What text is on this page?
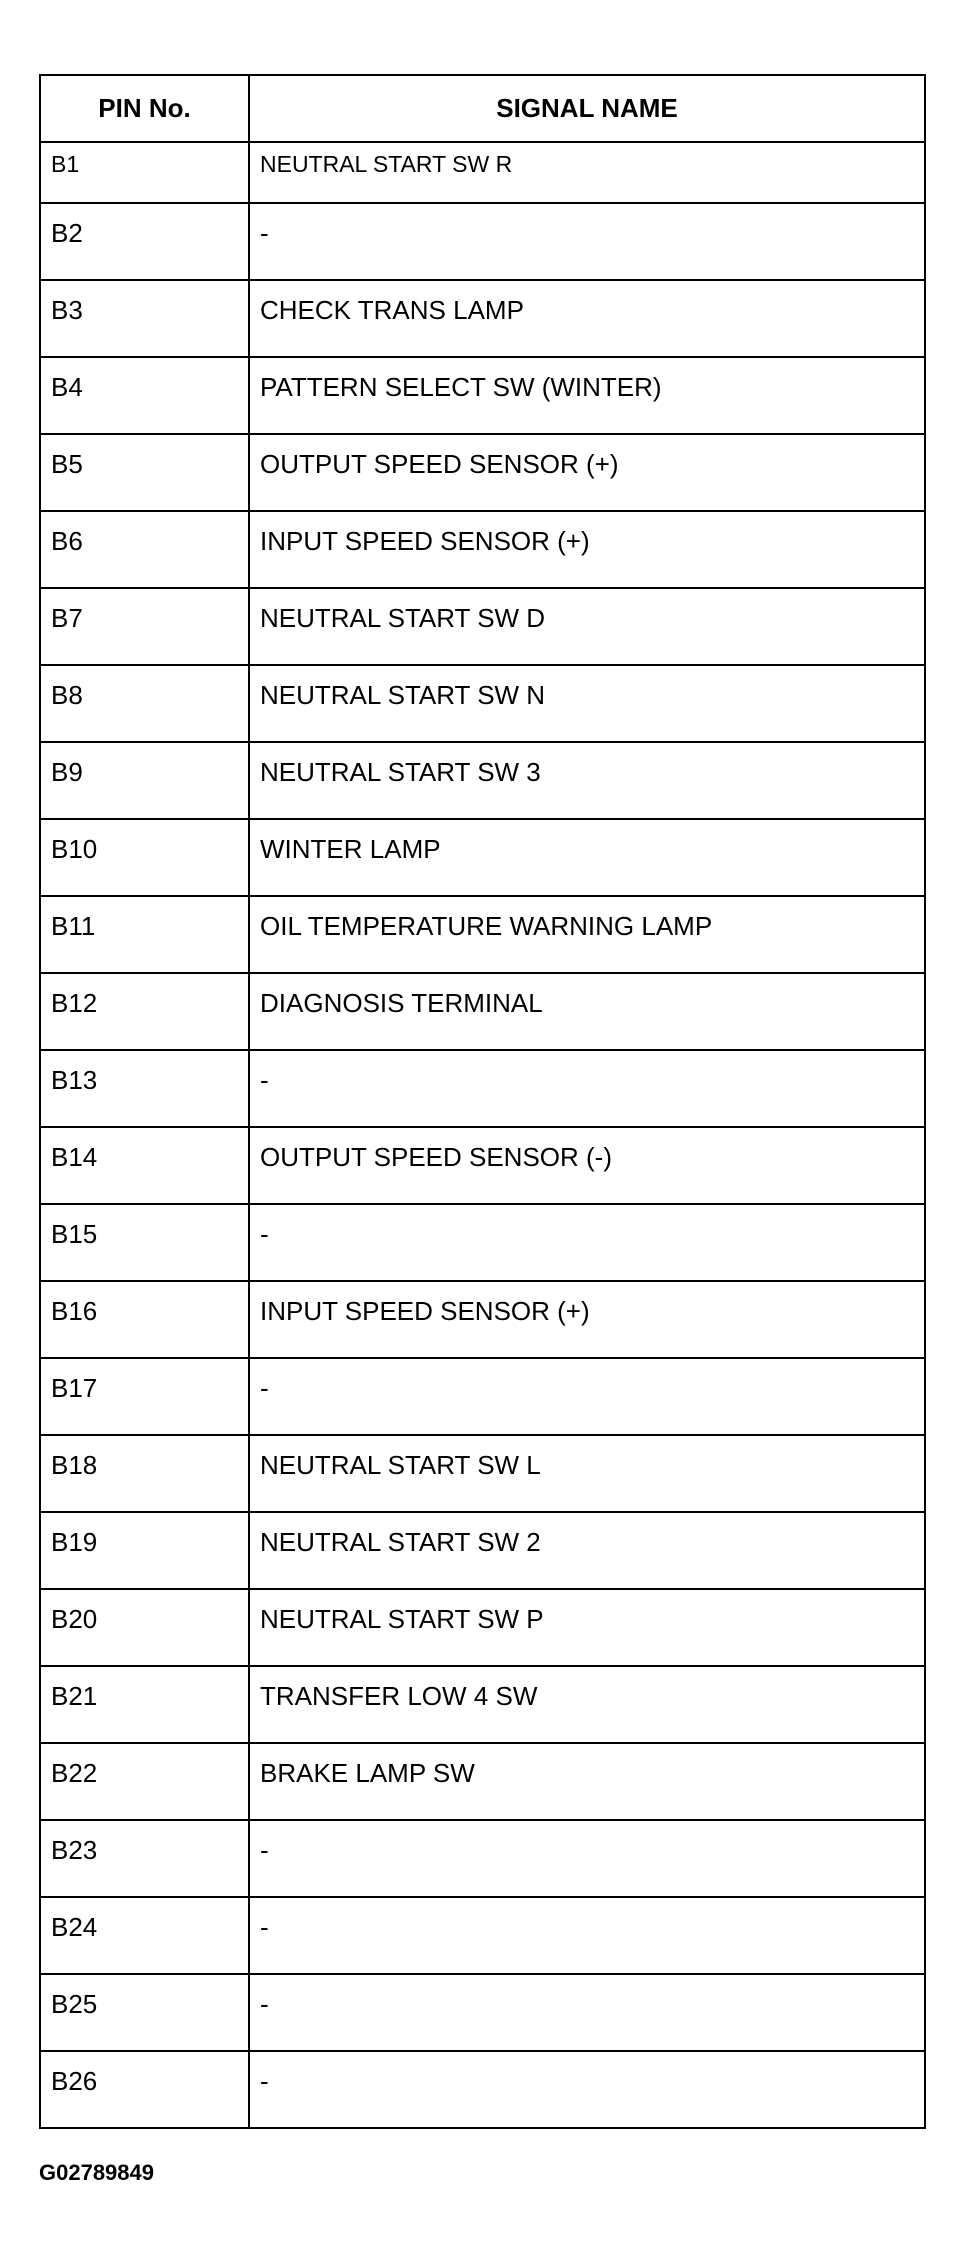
PIN No.	SIGNAL NAME

B1	NEUTRAL START SW R

B2	-

B3	CHECK TRANS LAMP

B4	PATTERN SELECT SW (WINTER)

B5	OUTPUT SPEED SENSOR (+)

B6	INPUT SPEED SENSOR (+)

B7	NEUTRAL START SW D

B8	NEUTRAL START SW N

B9	NEUTRAL START SW 3

B10	WINTER LAMP

B11	OIL TEMPERATURE WARNING LAMP

B12	DIAGNOSIS TERMINAL

B13	-

B14	OUTPUT SPEED SENSOR (-)

B15	-

B16	INPUT SPEED SENSOR (+)

B17	-

B18	NEUTRAL START SW L

B19	NEUTRAL START SW 2

B20	NEUTRAL START SW P

B21	TRANSFER LOW 4 SW

B22	BRAKE LAMP SW

B23	-

B24	-

B25	-

B26	-
G02789849
